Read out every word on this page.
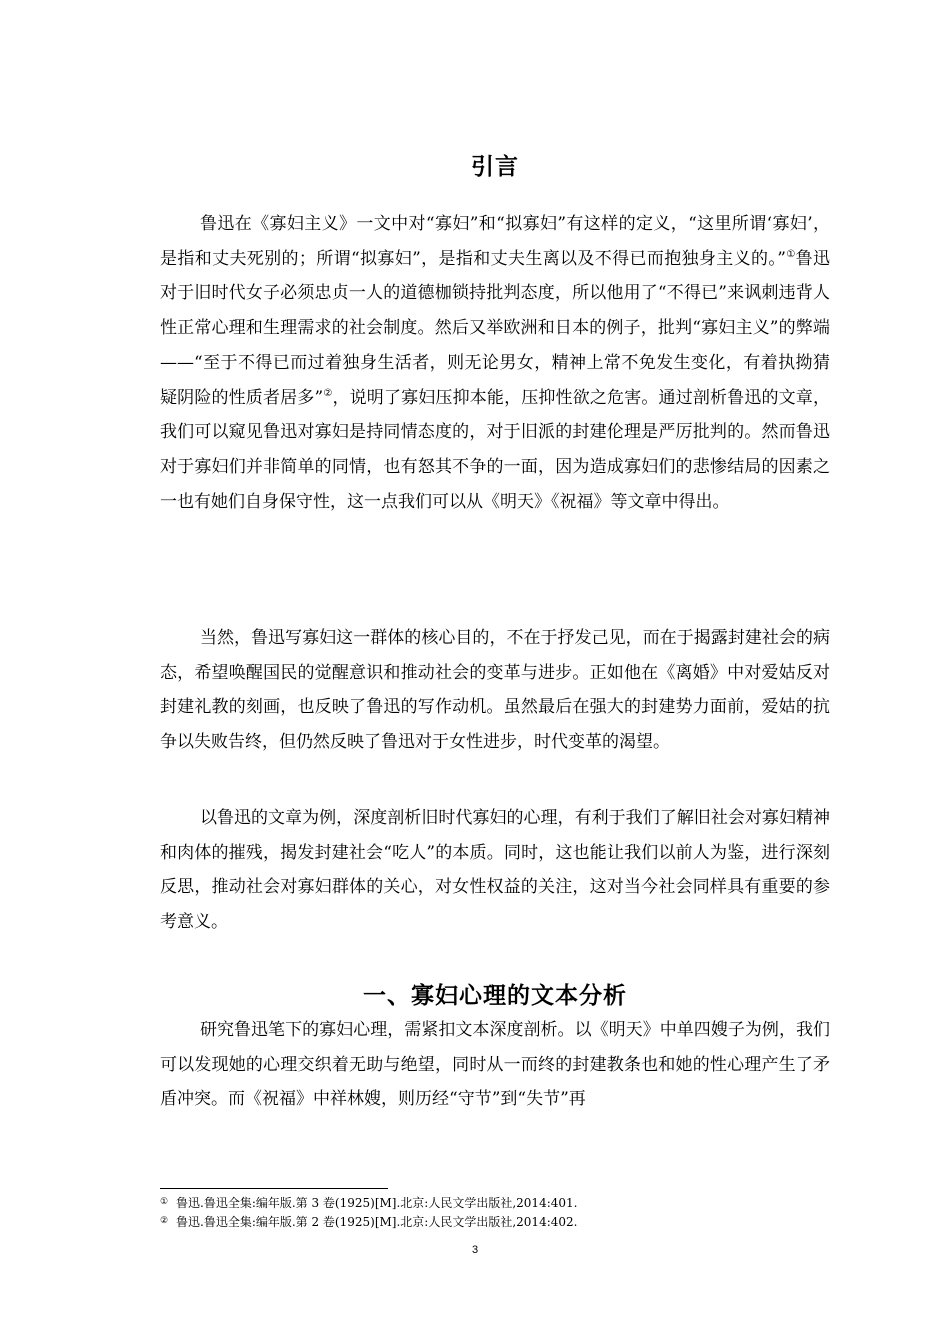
引言

鲁迅在《寡妇主义》一文中对“寡妇”和“拟寡妇”有这样的定义，“这里所谓‘寡妇’，是指和丈夫死别的；所谓“拟寡妇”，是指和丈夫生离以及不得已而抱独身主义的。”①鲁迅对于旧时代女子必须忠贞一人的道德枷锁持批判态度，所以他用了“不得已”来讽刺违背人性正常心理和生理需求的社会制度。然后又举欧洲和日本的例子，批判“寡妇主义”的弊端——“至于不得已而过着独身生活者，则无论男女，精神上常不免发生变化，有着执拗猜疑阴险的性质者居多”②，说明了寡妇压抑本能，压抑性欲之危害。通过剖析鲁迅的文章，我们可以窥见鲁迅对寡妇是持同情态度的，对于旧派的封建伦理是严厉批判的。然而鲁迅对于寡妇们并非简单的同情，也有怒其不争的一面，因为造成寡妇们的悲惨结局的因素之一也有她们自身保守性，这一点我们可以从《明天》《祝福》等文章中得出。

当然，鲁迅写寡妇这一群体的核心目的，不在于抒发己见，而在于揭露封建社会的病态，希望唤醒国民的觉醒意识和推动社会的变革与进步。正如他在《离婚》中对爱姑反对封建礼教的刻画，也反映了鲁迅的写作动机。虽然最后在强大的封建势力面前，爱姑的抗争以失败告终，但仍然反映了鲁迅对于女性进步，时代变革的渴望。

以鲁迅的文章为例，深度剖析旧时代寡妇的心理，有利于我们了解旧社会对寡妇精神和肉体的摧残，揭发封建社会“吃人”的本质。同时，这也能让我们以前人为鉴，进行深刻反思，推动社会对寡妇群体的关心，对女性权益的关注，这对当今社会同样具有重要的参考意义。

一、寡妇心理的文本分析

研究鲁迅笔下的寡妇心理，需紧扣文本深度剖析。以《明天》中单四嫂子为例，我们可以发现她的心理交织着无助与绝望，同时从一而终的封建教条也和她的性心理产生了矛盾冲突。而《祝福》中祥林嫂，则历经“守节”到“失节”再

① 鲁迅.鲁迅全集:编年版.第 3 卷(1925)[M].北京:人民文学出版社,2014:401.
② 鲁迅.鲁迅全集:编年版.第 2 卷(1925)[M].北京:人民文学出版社,2014:402.
3
